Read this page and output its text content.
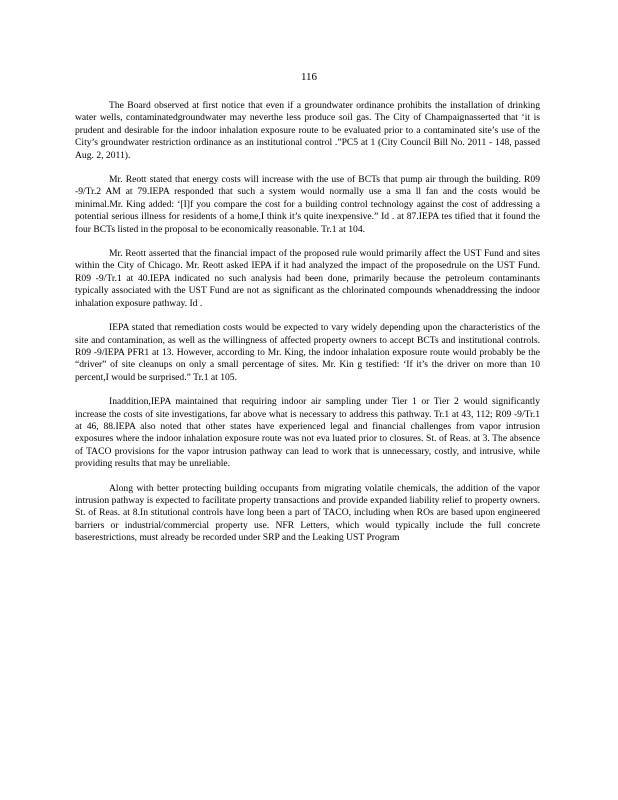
116

The Board observed at first notice that even if a groundwater ordinance prohibits the installation of drinking water wells, contaminatedgroundwater may neverthe less produce soil gas. The City of Champaignasserted that ‘it is prudent and desirable for the indoor inhalation exposure route to be evaluated prior to a contaminated site’s use of the City’s groundwater restriction ordinance as an institutional control .”PC5 at 1 (City Council Bill No. 2011 - 148, passed Aug. 2, 2011).

Mr. Reott stated that energy costs will increase with the use of BCTs that pump air through the building. R09 -9/Tr.2 AM at 79.IEPA responded that such a system would normally use a sma ll fan and the costs would be minimal.Mr. King added: ‘[I]f you compare the cost for a building control technology against the cost of addressing a potential serious illness for residents of a home,I think it’s quite inexpensive.” Id . at 87.IEPA tes tified that it found the four BCTs listed in the proposal to be economically reasonable. Tr.1 at 104.

Mr. Reott asserted that the financial impact of the proposed rule would primarily affect the UST Fund and sites within the City of Chicago. Mr. Reott asked IEPA if it had analyzed the impact of the proposedrule on the UST Fund. R09 -9/Tr.1 at 40.IEPA indicated no such analysis had been done, primarily because the petroleum contaminants typically associated with the UST Fund are not as significant as the chlorinated compounds whenaddressing the indoor inhalation exposure pathway. Id .

IEPA stated that remediation costs would be expected to vary widely depending upon the characteristics of the site and contamination, as well as the willingness of affected property owners to accept BCTs and institutional controls. R09 -9/IEPA PFR1 at 13. However, according to Mr. King, the indoor inhalation exposure route would probably be the “driver” of site cleanups on only a small percentage of sites. Mr. Kin g testified: ‘If it’s the driver on more than 10 percent,I would be surprised.” Tr.1 at 105.

Inaddition,IEPA maintained that requiring indoor air sampling under Tier 1 or Tier 2 would significantly increase the costs of site investigations, far above what is necessary to address this pathway. Tr.1 at 43, 112; R09 -9/Tr.1 at 46, 88.IEPA also noted that other states have experienced legal and financial challenges from vapor intrusion exposures where the indoor inhalation exposure route was not eva luated prior to closures. St. of Reas. at 3. The absence of TACO provisions for the vapor intrusion pathway can lead to work that is unnecessary, costly, and intrusive, while providing results that may be unreliable.

Along with better protecting building occupants from migrating volatile chemicals, the addition of the vapor intrusion pathway is expected to facilitate property transactions and provide expanded liability relief to property owners. St. of Reas. at 8.In stitutional controls have long been a part of TACO, including when ROs are based upon engineered barriers or industrial/commercial property use. NFR Letters, which would typically include the full concrete baserestrictions, must already be recorded under SRP and the Leaking UST Program
